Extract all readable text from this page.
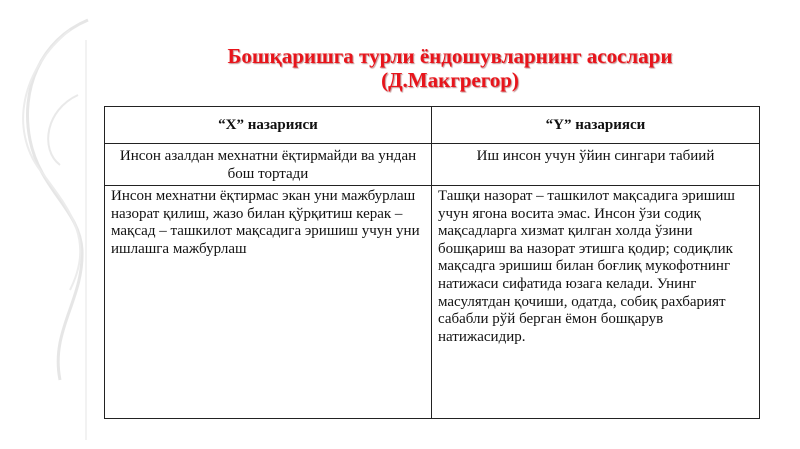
Бошқаришга турли ёндошувларнинг асослари
(Д.Макгрегор)
“X” назарияси	“Y” назарияси
Инсон азалдан мехнатни ёқтирмайди ва ундан бош тортади	Иш инсон учун ўйин сингари табиий
Инсон мехнатни ёқтирмас экан уни мажбурлаш назорат қилиш, жазо билан қўрқитиш керак – мақсад – ташкилот мақсадига эришиш учун уни ишлашга мажбурлаш	Ташқи назорат – ташкилот мақсадига эришиш учун ягона восита эмас. Инсон ўзи содиқ мақсадларга хизмат қилган холда ўзини бошқариш ва назорат этишга қодир; содиқлик мақсадга эришиш билан боғлиқ мукофотнинг натижаси сифатида юзага келади. Унинг масулятдан қочиши, одатда, собиқ рахбарият сабабли рўй берган ёмон бошқарув натижасидир.
